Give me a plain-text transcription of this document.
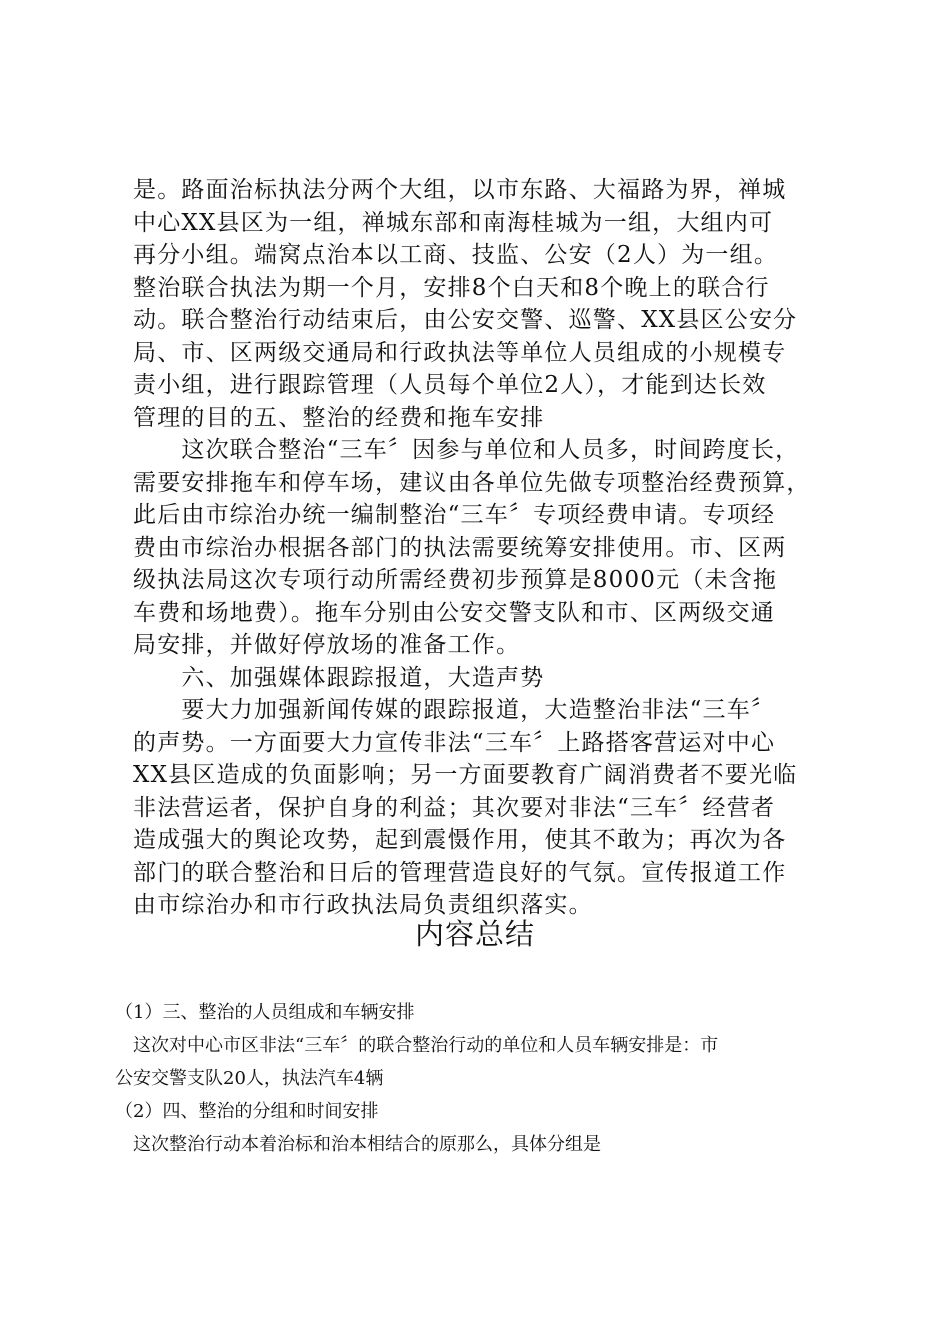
是。路面治标执法分两个大组，以市东路、大福路为界，禅城
中心XX县区为一组，禅城东部和南海桂城为一组，大组内可
再分小组。端窝点治本以工商、技监、公安（2人）为一组。
整治联合执法为期一个月，安排8个白天和8个晚上的联合行
动。联合整治行动结束后，由公安交警、巡警、XX县区公安分
局、市、区两级交通局和行政执法等单位人员组成的小规模专
责小组，进行跟踪管理（人员每个单位2人），才能到达长效
管理的目的五、整治的经费和拖车安排
　　这次联合整治“三车〞因参与单位和人员多，时间跨度长，
需要安排拖车和停车场，建议由各单位先做专项整治经费预算，
此后由市综治办统一编制整治“三车〞专项经费申请。专项经
费由市综治办根据各部门的执法需要统筹安排使用。市、区两
级执法局这次专项行动所需经费初步预算是8000元（未含拖
车费和场地费）。拖车分别由公安交警支队和市、区两级交通
局安排，并做好停放场的准备工作。
　　六、加强媒体跟踪报道，大造声势
　　要大力加强新闻传媒的跟踪报道，大造整治非法“三车〞
的声势。一方面要大力宣传非法“三车〞上路搭客营运对中心
XX县区造成的负面影响；另一方面要教育广阔消费者不要光临
非法营运者，保护自身的利益；其次要对非法“三车〞经营者
造成强大的舆论攻势，起到震慑作用，使其不敢为；再次为各
部门的联合整治和日后的管理营造良好的气氛。宣传报道工作
由市综治办和市行政执法局负责组织落实。
内容总结
（1）三、整治的人员组成和车辆安排
　这次对中心市区非法“三车〞的联合整治行动的单位和人员车辆安排是：市
公安交警支队20人，执法汽车4辆
（2）四、整治的分组和时间安排
　这次整治行动本着治标和治本相结合的原那么，具体分组是
